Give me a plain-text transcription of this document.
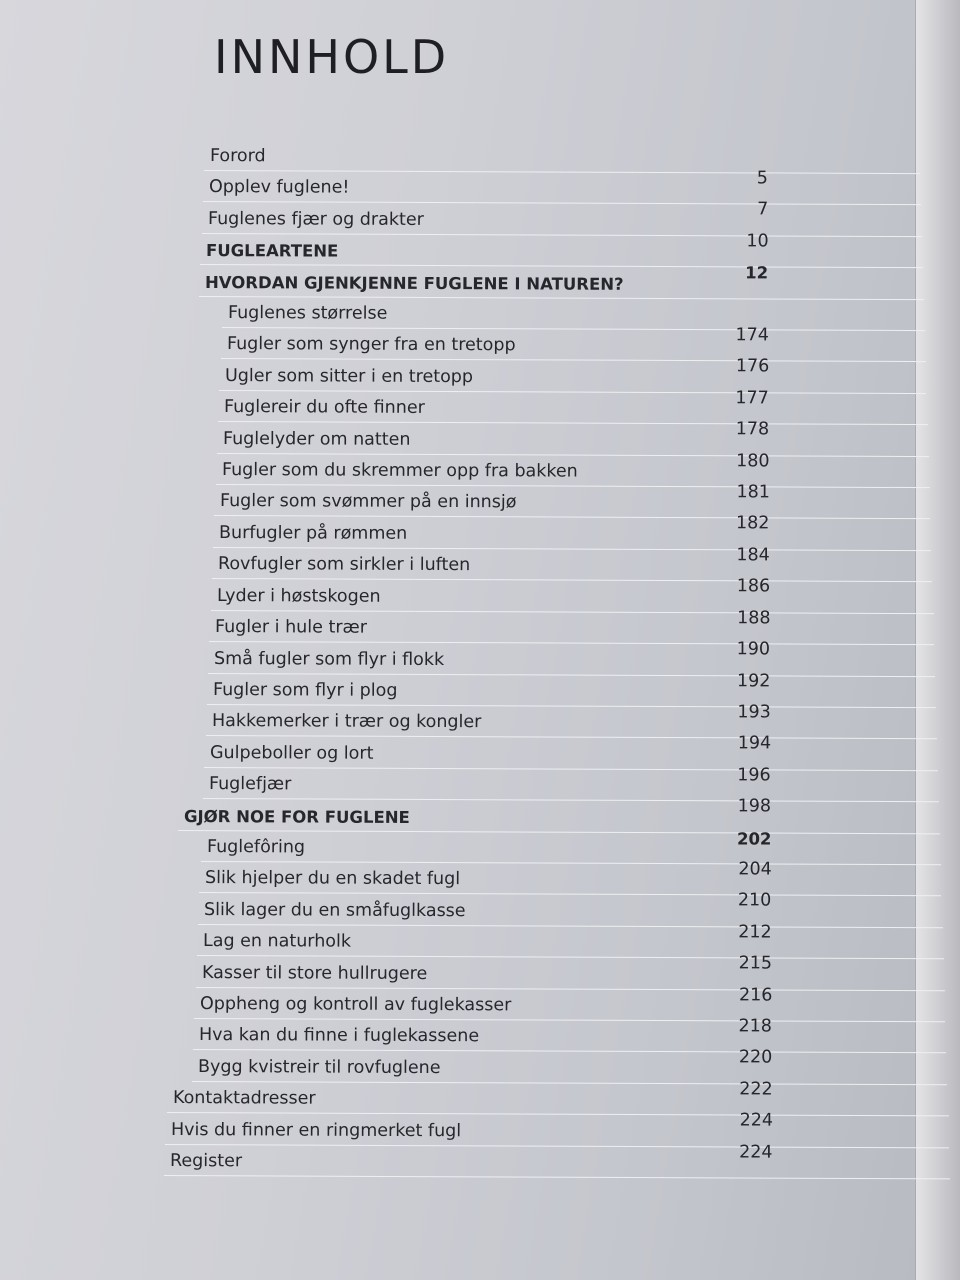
INNHOLD
Forord
5
Opplev fuglene!
7
Fuglenes fjær og drakter
10
FUGLEARTENE
12
HVORDAN GJENKJENNE FUGLENE I NATUREN?
Fuglenes størrelse
174
Fugler som synger fra en tretopp
176
Ugler som sitter i en tretopp
177
Fuglereir du ofte finner
178
Fuglelyder om natten
180
Fugler som du skremmer opp fra bakken
181
Fugler som svømmer på en innsjø
182
Burfugler på rømmen
184
Rovfugler som sirkler i luften
186
Lyder i høstskogen
188
Fugler i hule trær
190
Små fugler som flyr i flokk
192
Fugler som flyr i plog
193
Hakkemerker i trær og kongler
194
Gulpeboller og lort
196
Fuglefjær
198
GJØR NOE FOR FUGLENE
202
Fuglefôring
204
Slik hjelper du en skadet fugl
210
Slik lager du en småfuglkasse
212
Lag en naturholk
215
Kasser til store hullrugere
216
Oppheng og kontroll av fuglekasser
218
Hva kan du finne i fuglekassene
220
Bygg kvistreir til rovfuglene
222
Kontaktadresser
224
Hvis du finner en ringmerket fugl
224
Register
